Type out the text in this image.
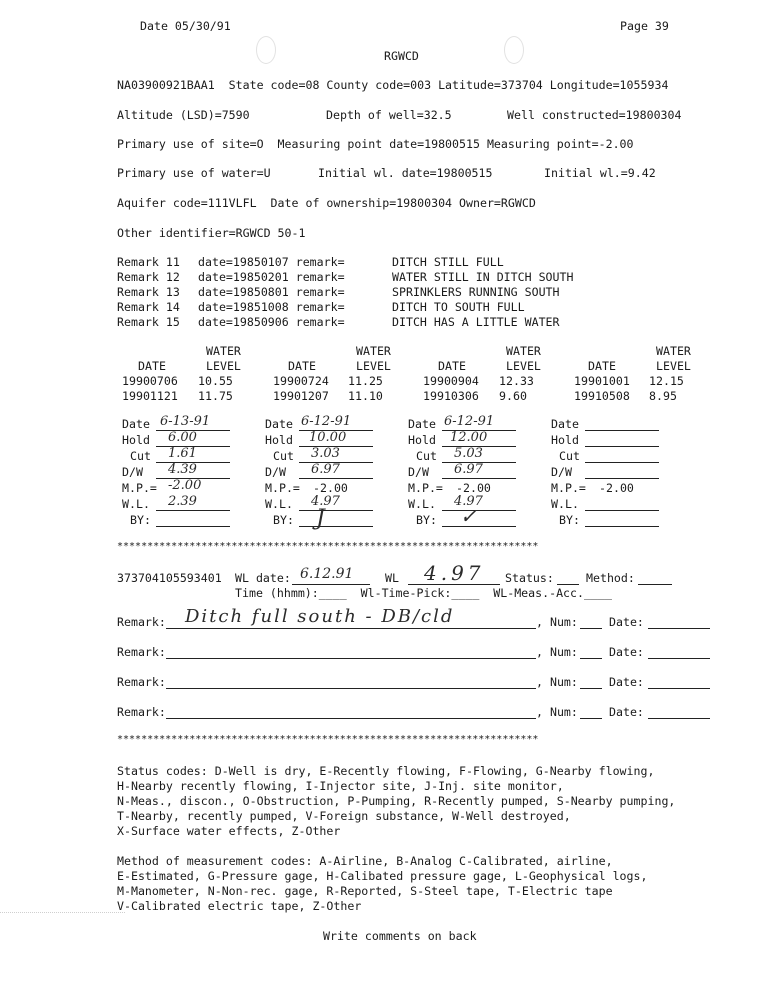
Date 05/30/91	Page 39
RGWCD
NA03900921BAA1  State code=08 County code=003 Latitude=373704 Longitude=1055934
Altitude (LSD)=7590	Depth of well=32.5	Well constructed=19800304
Primary use of site=O  Measuring point date=19800515 Measuring point=-2.00
Primary use of water=U	Initial wl. date=19800515	Initial wl.=9.42
Aquifer code=111VLFL  Date of ownership=19800304 Owner=RGWCD
Other identifier=RGWCD 50-1
Remark 11 date=19850107 remark=	DITCH STILL FULL
Remark 12 date=19850201 remark=	WATER STILL IN DITCH SOUTH
Remark 13 date=19850801 remark=	SPRINKLERS RUNNING SOUTH
Remark 14 date=19851008 remark=	DITCH TO SOUTH FULL
Remark 15 date=19850906 remark=	DITCH HAS A LITTLE WATER
WATER	WATER	WATER	WATER
DATE	LEVEL	DATE	LEVEL	DATE	LEVEL	DATE	LEVEL
19900706 10.55	19900724 11.25	19900904 12.33	19901001 12.15
19901121 11.75	19901207 11.10	19910306 9.60	19910508 8.95
Date 6-13-91
Hold 6.00
Cut 1.61
D/W 4.39
M.P.= -2.00
W.L. 2.39
BY:
Date 6-12-91
Hold 10.00
Cut 3.03
D/W 6.97
M.P.= -2.00
W.L. 4.97
BY: J
Date 6-12-91
Hold 12.00
Cut 5.03
D/W 6.97
M.P.= -2.00
W.L. 4.97
BY: ✓
Date
Hold
Cut
D/W
M.P.= -2.00
W.L.
BY:
**********************************************************************
373704105593401 WL date: 6.12.91	WL 4.97 Status:	Method:
Time (hhmm):____  Wl-Time-Pick:____  WL-Meas.-Acc.____
Remark: Ditch full south - DB/cld	, Num:	Date:
Remark:	, Num:	Date:
Remark:	, Num:	Date:
Remark:	, Num:	Date:
**********************************************************************
Status codes: D-Well is dry, E-Recently flowing, F-Flowing, G-Nearby flowing,
H-Nearby recently flowing, I-Injector site, J-Inj. site monitor,
N-Meas., discon., O-Obstruction, P-Pumping, R-Recently pumped, S-Nearby pumping,
T-Nearby, recently pumped, V-Foreign substance, W-Well destroyed,
X-Surface water effects, Z-Other
Method of measurement codes: A-Airline, B-Analog C-Calibrated, airline,
E-Estimated, G-Pressure gage, H-Calibated pressure gage, L-Geophysical logs,
M-Manometer, N-Non-rec. gage, R-Reported, S-Steel tape, T-Electric tape
V-Calibrated electric tape, Z-Other
Write comments on back
